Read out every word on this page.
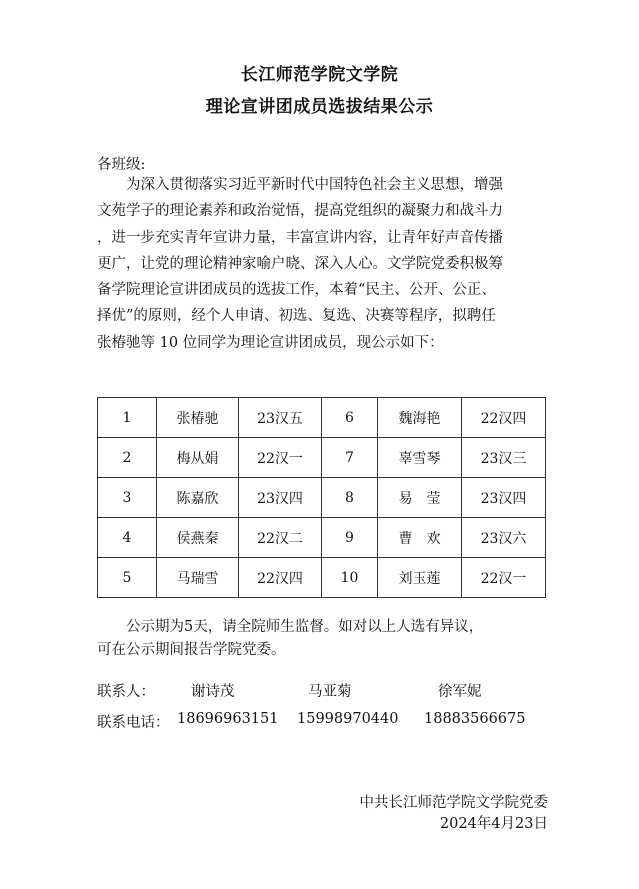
长江师范学院文学院
理论宣讲团成员选拔结果公示
各班级:
　　为深入贯彻落实习近平新时代中国特色社会主义思想，增强
文苑学子的理论素养和政治觉悟，提高党组织的凝聚力和战斗力
，进一步充实青年宣讲力量，丰富宣讲内容，让青年好声音传播
更广，让党的理论精神家喻户晓、深入人心。文学院党委积极筹
备学院理论宣讲团成员的选拔工作，本着“民主、公开、公正、
择优”的原则，经个人申请、初选、复选、决赛等程序，拟聘任
张椿驰等 10 位同学为理论宣讲团成员，现公示如下：
1	张椿驰	23汉五	6	魏海艳	22汉四
2	梅从娟	22汉一	7	辜雪琴	23汉三
3	陈嘉欣	23汉四	8	易　莹	23汉四
4	侯燕秦	22汉二	9	曹　欢	23汉六
5	马瑞雪	22汉四	10	刘玉莲	22汉一
　　公示期为5天，请全院师生监督。如对以上人选有异议，
可在公示期间报告学院党委。
联系人： 谢诗茂	马亚菊	徐军妮
联系电话： 18696963151 15998970440 18883566675
中共长江师范学院文学院党委
2024年4月23日
